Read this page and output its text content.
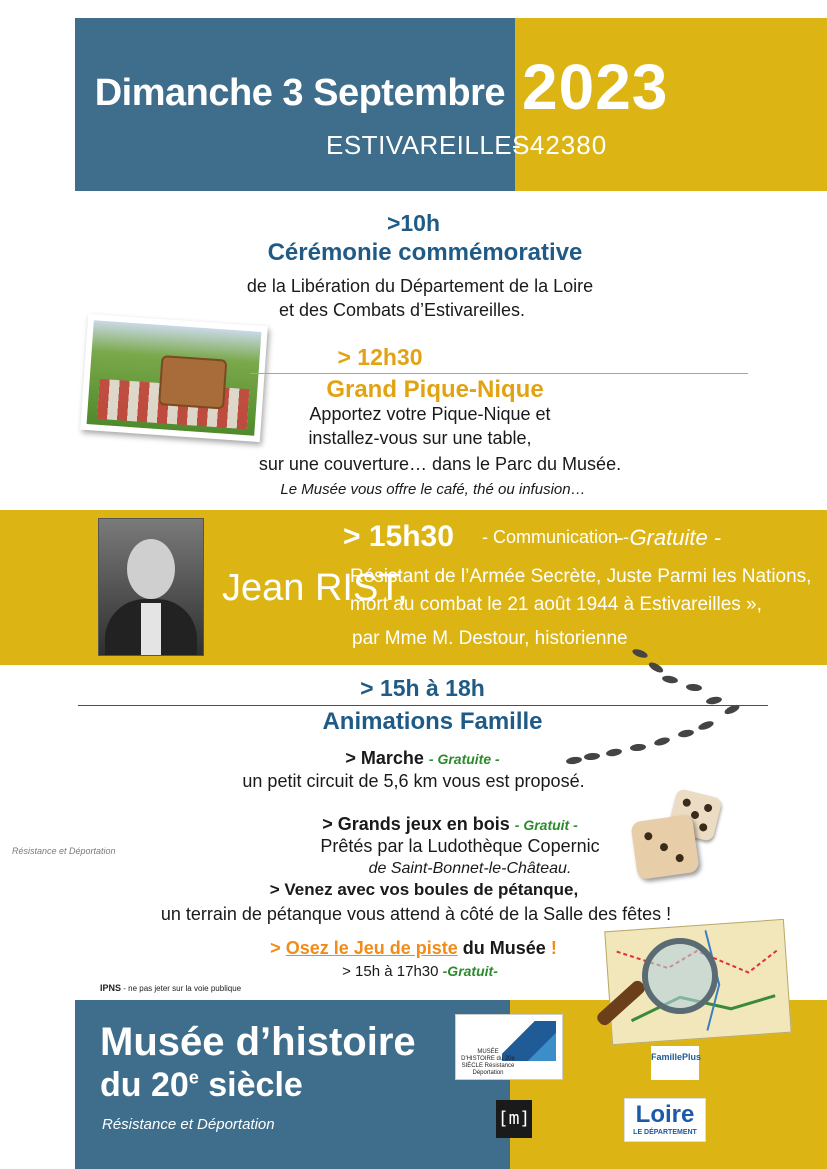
Dimanche 3 Septembre 2023
ESTIVAREILLES
- 42380
>10h
Cérémonie commémorative
de la Libération du Département de la Loire
et des Combats d’Estivareilles.
> 12h30
Grand Pique-Nique
Apportez votre Pique-Nique et
installez-vous sur une table,
sur une couverture… dans le Parc du Musée.
Le Musée vous offre le café, thé ou infusion…
> 15h30 - Communication -
- Gratuite -
Jean RIST,
Résistant de l’Armée Secrète, Juste Parmi les Nations,
mort au combat le 21 août 1944 à Estivareilles »,
par Mme M. Destour, historienne
> 15h à 18h
Animations Famille
> Marche - Gratuite -
un petit circuit de 5,6 km vous est proposé.
> Grands jeux en bois - Gratuit -
Prêtés par la Ludothèque Copernic
de Saint-Bonnet-le-Château.
> Venez avec vos boules de pétanque,
un terrain de pétanque vous attend à côté de la Salle des fêtes !
> Osez le Jeu de piste du Musée !
> 15h à 17h30 -Gratuit-
Résistance et Déportation
IPNS - ne pas jeter sur la voie publique
Musée d’histoire
du 20e siècle
Résistance et Déportation
MUSÉE D'HISTOIRE du 20e SIÈCLE Résistance Déportation
[m]
FamillePlus
Loire
LE DÉPARTEMENT
